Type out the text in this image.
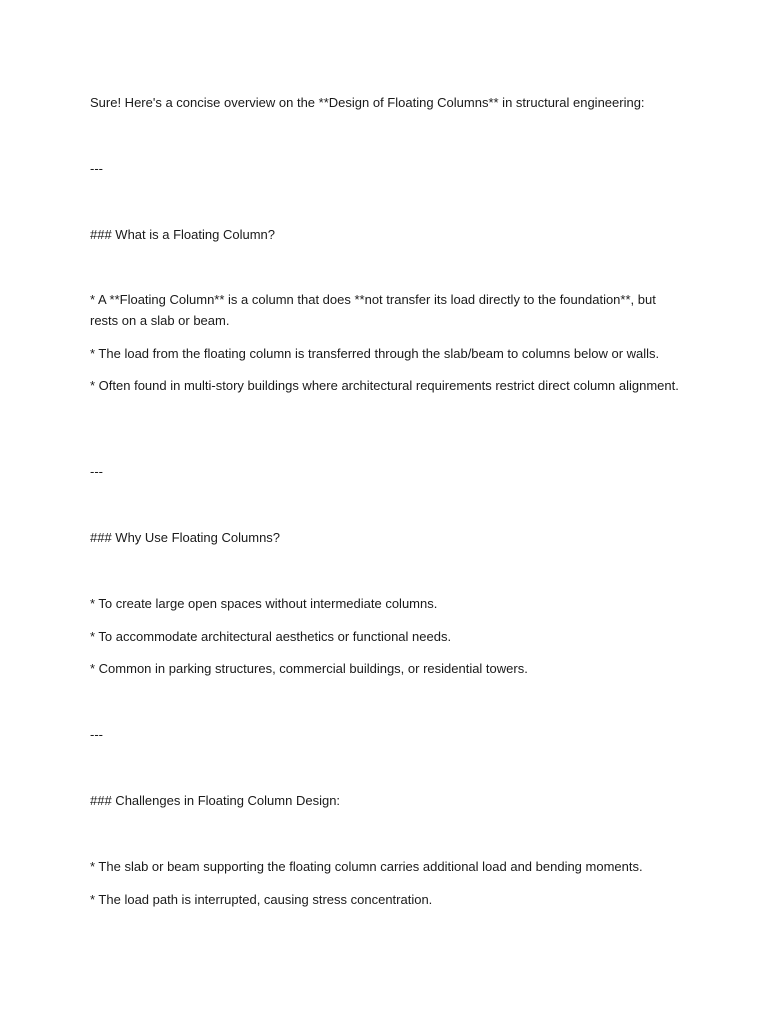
Sure! Here's a concise overview on the **Design of Floating Columns** in structural engineering:

---

### What is a Floating Column?

* A **Floating Column** is a column that does **not transfer its load directly to the foundation**, but rests on a slab or beam.

* The load from the floating column is transferred through the slab/beam to columns below or walls.

* Often found in multi-story buildings where architectural requirements restrict direct column alignment.

---

### Why Use Floating Columns?

* To create large open spaces without intermediate columns.

* To accommodate architectural aesthetics or functional needs.

* Common in parking structures, commercial buildings, or residential towers.

---

### Challenges in Floating Column Design:

* The slab or beam supporting the floating column carries additional load and bending moments.

* The load path is interrupted, causing stress concentration.
